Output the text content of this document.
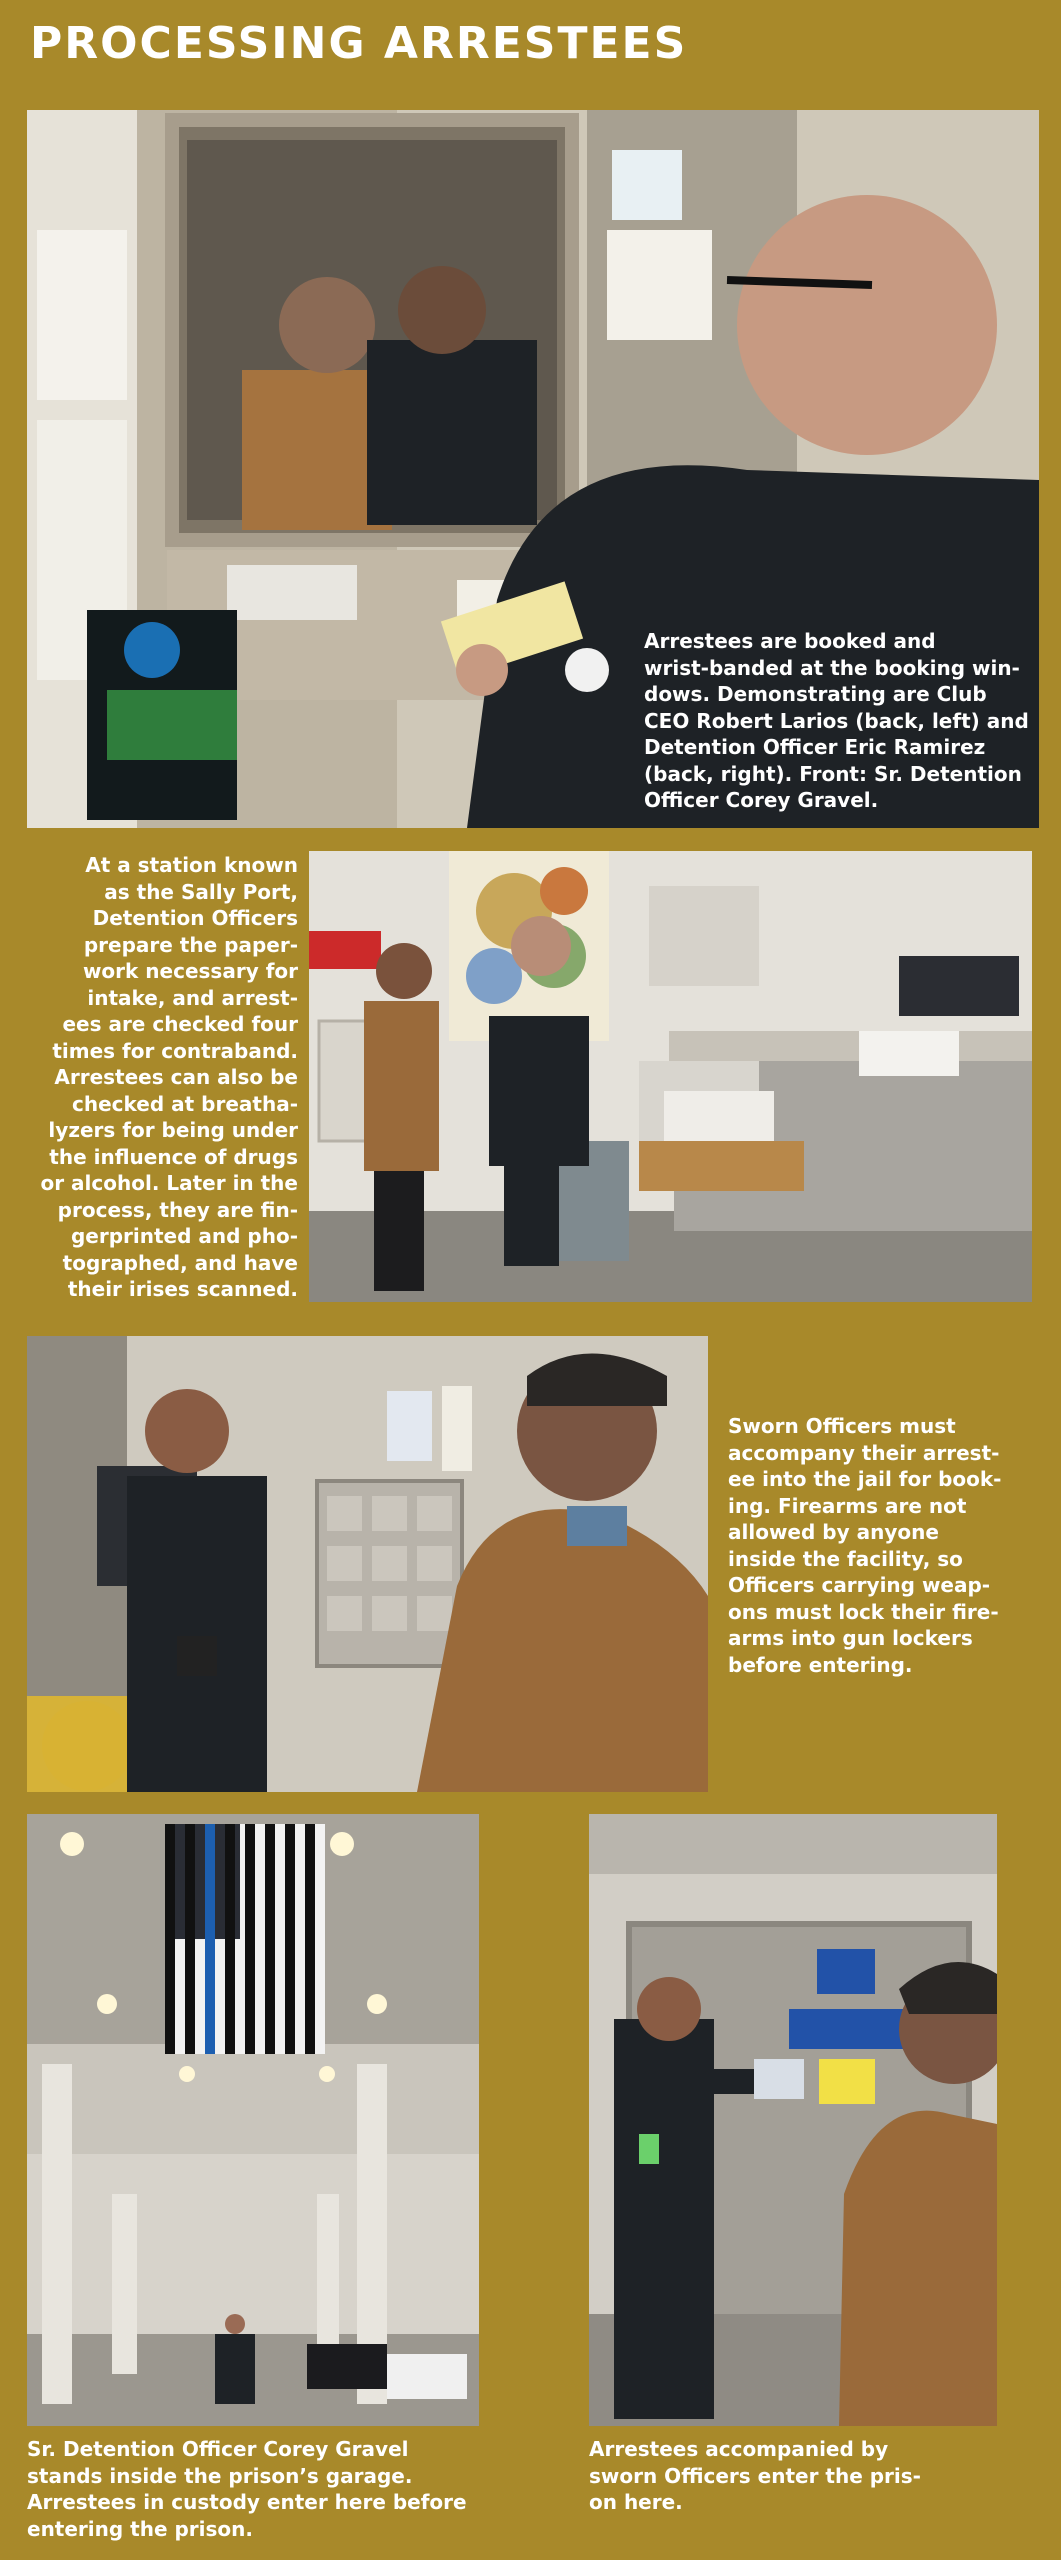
PROCESSING ARRESTEES
Arrestees are booked and
wrist-banded at the booking win-
dows. Demonstrating are Club
CEO Robert Larios (back, left) and
Detention Officer Eric Ramirez
(back, right). Front: Sr. Detention
Officer Corey Gravel.
At a station known
as the Sally Port,
Detention Officers
prepare the paper-
work necessary for
intake, and arrest-
ees are checked four
times for contraband.
Arrestees can also be
checked at breatha-
lyzers for being under
the influence of drugs
or alcohol. Later in the
process, they are fin-
gerprinted and pho-
tographed, and have
their irises scanned.
Sworn Officers must
accompany their arrest-
ee into the jail for book-
ing. Firearms are not
allowed by anyone
inside the facility, so
Officers carrying weap-
ons must lock their fire-
arms into gun lockers
before entering.
Sr. Detention Officer Corey Gravel
stands inside the prison’s garage.
Arrestees in custody enter here before
entering the prison.
Arrestees accompanied by
sworn Officers enter the pris-
on here.
